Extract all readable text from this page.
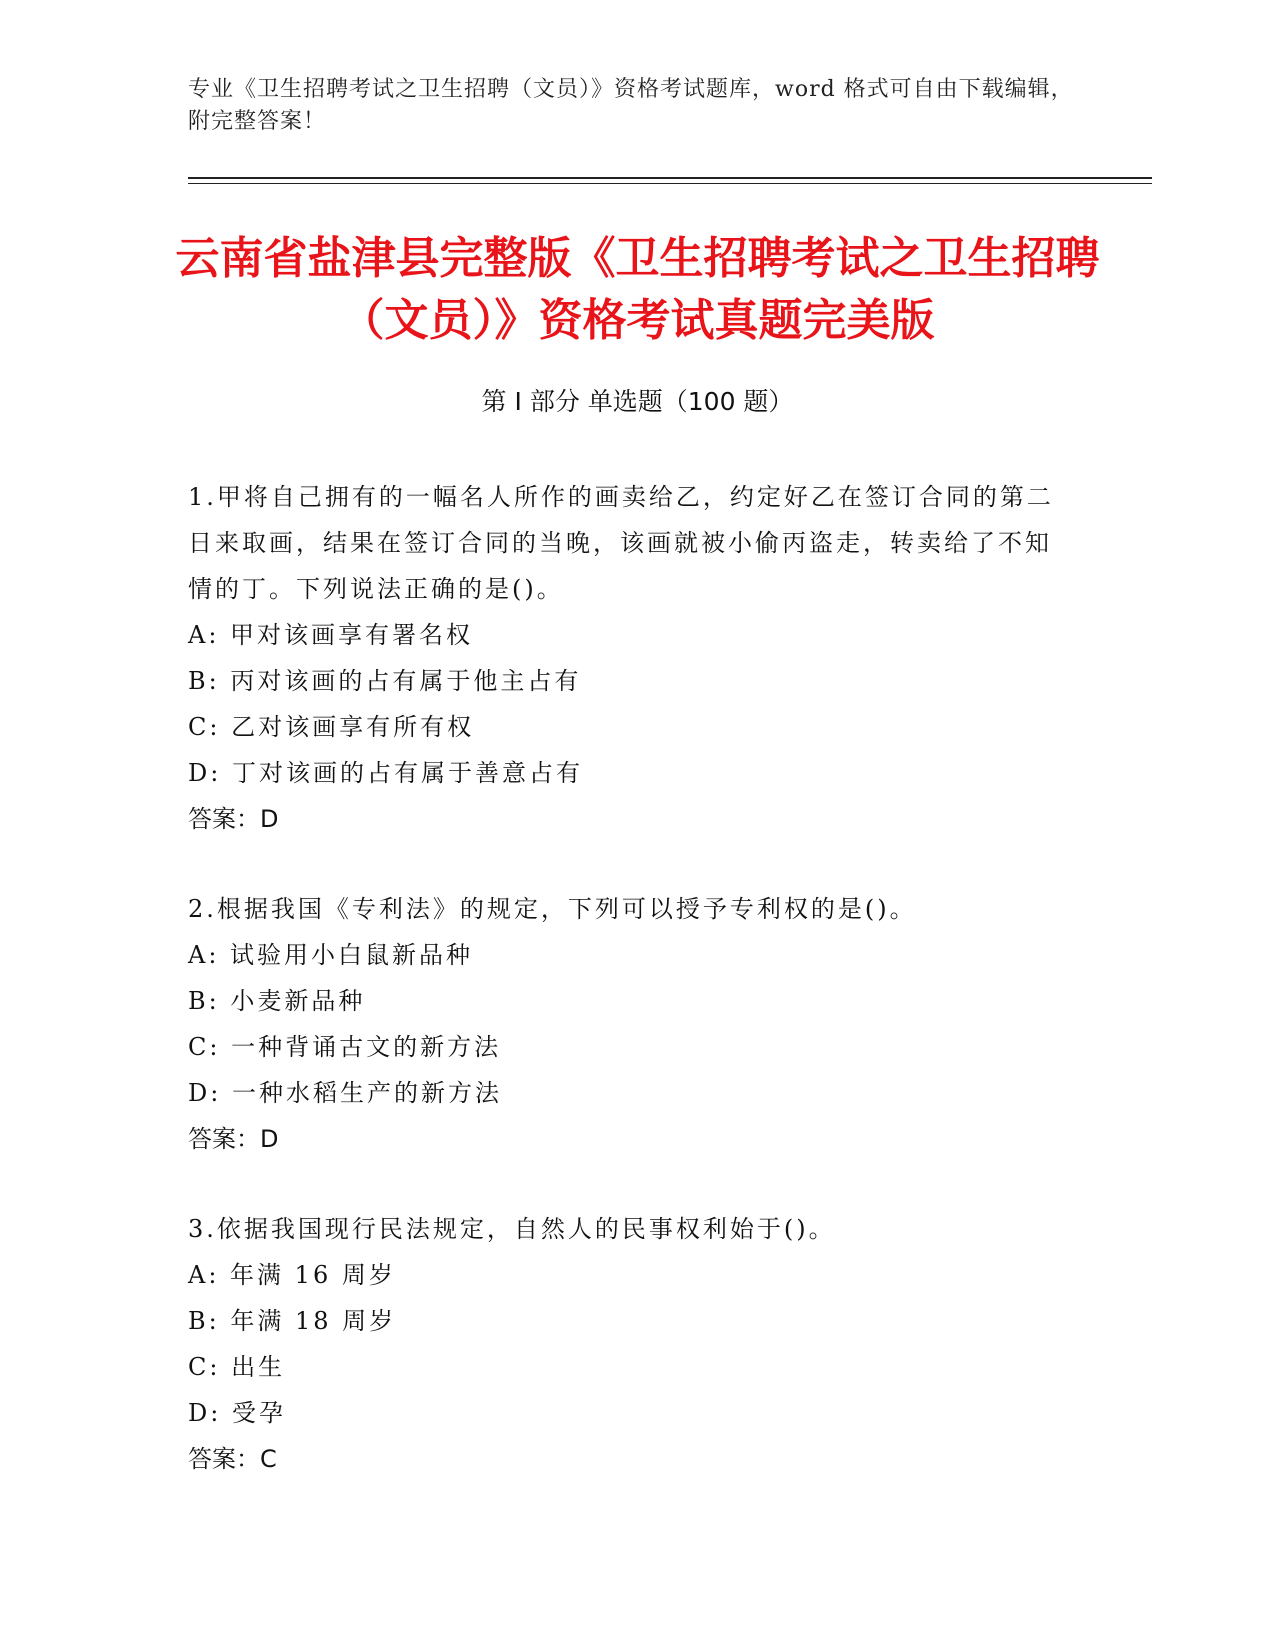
专业《卫生招聘考试之卫生招聘（文员）》资格考试题库，word 格式可自由下载编辑，附完整答案！
云南省盐津县完整版《卫生招聘考试之卫生招聘（文员）》资格考试真题完美版
第 I 部分 单选题（100 题）
1.甲将自己拥有的一幅名人所作的画卖给乙，约定好乙在签订合同的第二日来取画，结果在签订合同的当晚，该画就被小偷丙盗走，转卖给了不知情的丁。下列说法正确的是()。
A: 甲对该画享有署名权
B: 丙对该画的占有属于他主占有
C: 乙对该画享有所有权
D: 丁对该画的占有属于善意占有
答案：D
2.根据我国《专利法》的规定，下列可以授予专利权的是()。
A: 试验用小白鼠新品种
B: 小麦新品种
C: 一种背诵古文的新方法
D: 一种水稻生产的新方法
答案：D
3.依据我国现行民法规定，自然人的民事权利始于()。
A: 年满 16 周岁
B: 年满 18 周岁
C: 出生
D: 受孕
答案：C
